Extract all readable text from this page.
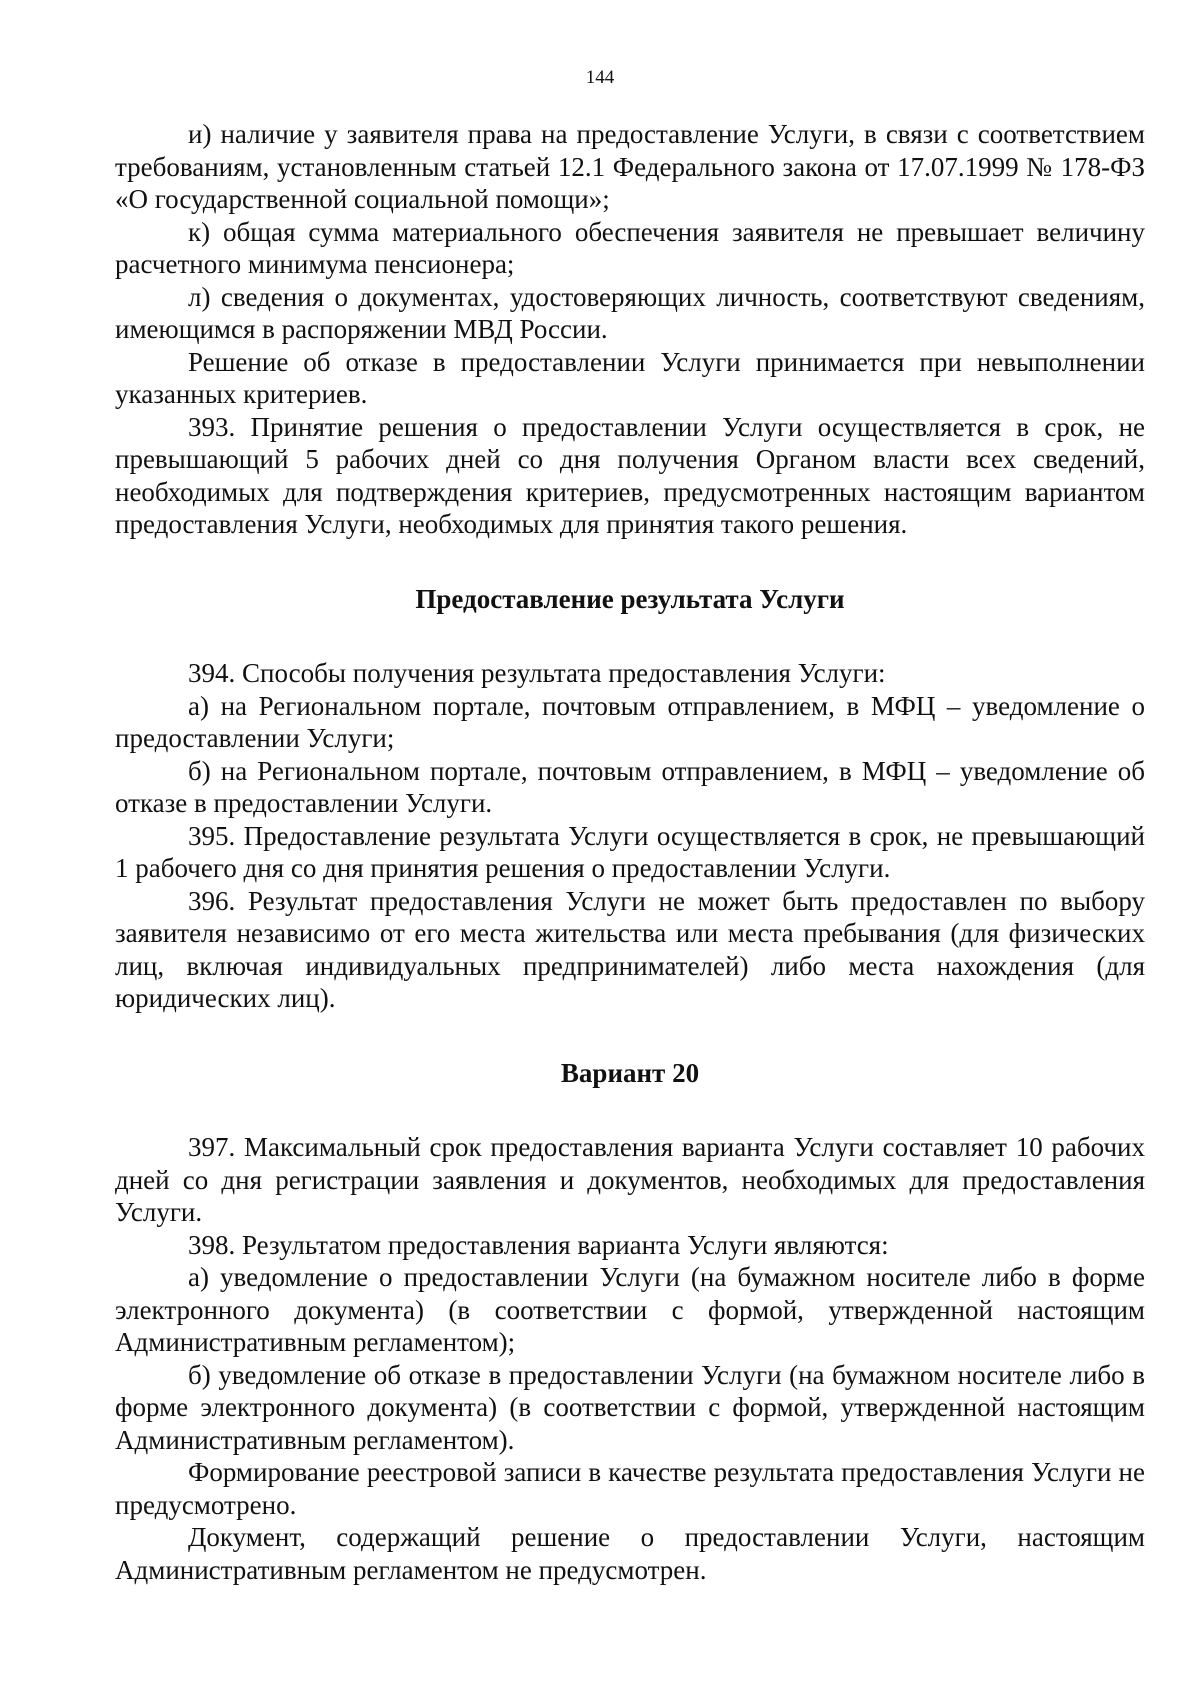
144

и) наличие у заявителя права на предоставление Услуги, в связи с соответствием требованиям, установленным статьей 12.1 Федерального закона от 17.07.1999 № 178-ФЗ «О государственной социальной помощи»;

к) общая сумма материального обеспечения заявителя не превышает величину расчетного минимума пенсионера;

л) сведения о документах, удостоверяющих личность, соответствуют сведениям, имеющимся в распоряжении МВД России.

Решение об отказе в предоставлении Услуги принимается при невыполнении указанных критериев.

393. Принятие решения о предоставлении Услуги осуществляется в срок, не превышающий 5 рабочих дней со дня получения Органом власти всех сведений, необходимых для подтверждения критериев, предусмотренных настоящим вариантом предоставления Услуги, необходимых для принятия такого решения.

Предоставление результата Услуги

394. Способы получения результата предоставления Услуги:

а) на Региональном портале, почтовым отправлением, в МФЦ – уведомление о предоставлении Услуги;

б) на Региональном портале, почтовым отправлением, в МФЦ – уведомление об отказе в предоставлении Услуги.

395. Предоставление результата Услуги осуществляется в срок, не превышающий 1 рабочего дня со дня принятия решения о предоставлении Услуги.

396. Результат предоставления Услуги не может быть предоставлен по выбору заявителя независимо от его места жительства или места пребывания (для физических лиц, включая индивидуальных предпринимателей) либо места нахождения (для юридических лиц).

Вариант 20

397. Максимальный срок предоставления варианта Услуги составляет 10 рабочих дней со дня регистрации заявления и документов, необходимых для предоставления Услуги.

398. Результатом предоставления варианта Услуги являются:

а) уведомление о предоставлении Услуги (на бумажном носителе либо в форме электронного документа) (в соответствии с формой, утвержденной настоящим Административным регламентом);

б) уведомление об отказе в предоставлении Услуги (на бумажном носителе либо в форме электронного документа) (в соответствии с формой, утвержденной настоящим Административным регламентом).

Формирование реестровой записи в качестве результата предоставления Услуги не предусмотрено.

Документ, содержащий решение о предоставлении Услуги, настоящим Административным регламентом не предусмотрен.
